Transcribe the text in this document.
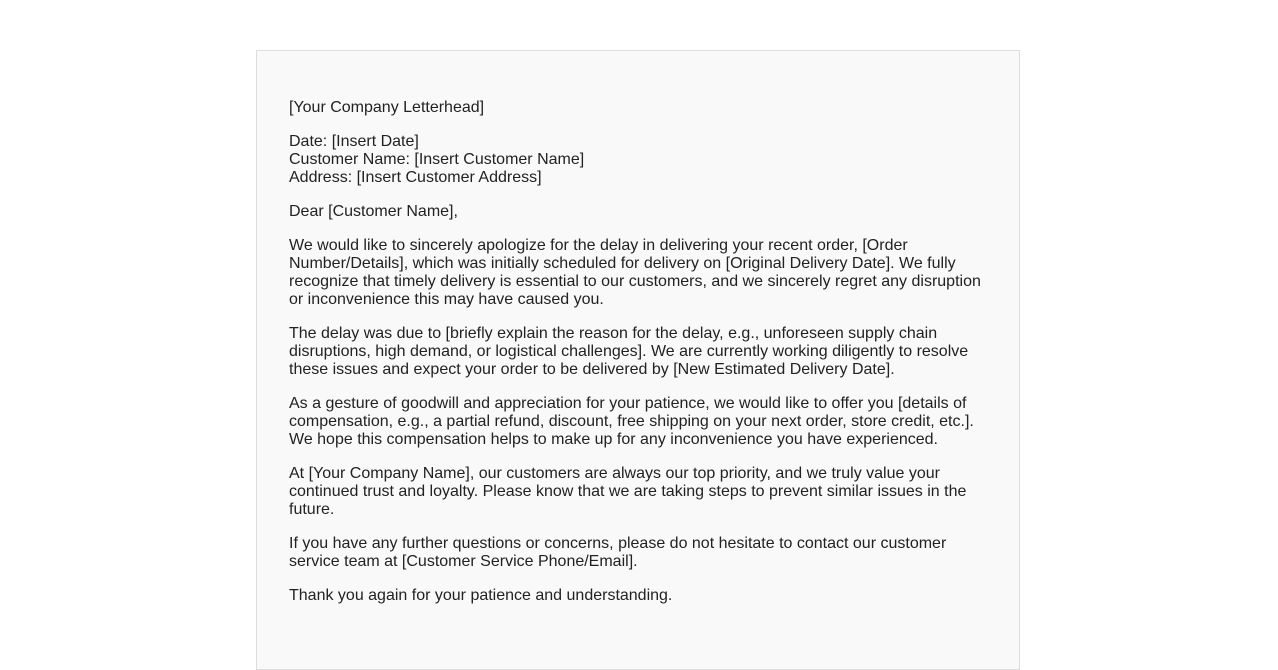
[Your Company Letterhead]

Date: [Insert Date]
Customer Name: [Insert Customer Name]
Address: [Insert Customer Address]

Dear [Customer Name],

We would like to sincerely apologize for the delay in delivering your recent order, [Order Number/Details], which was initially scheduled for delivery on [Original Delivery Date]. We fully recognize that timely delivery is essential to our customers, and we sincerely regret any disruption or inconvenience this may have caused you.

The delay was due to [briefly explain the reason for the delay, e.g., unforeseen supply chain disruptions, high demand, or logistical challenges]. We are currently working diligently to resolve these issues and expect your order to be delivered by [New Estimated Delivery Date].

As a gesture of goodwill and appreciation for your patience, we would like to offer you [details of compensation, e.g., a partial refund, discount, free shipping on your next order, store credit, etc.]. We hope this compensation helps to make up for any inconvenience you have experienced.

At [Your Company Name], our customers are always our top priority, and we truly value your continued trust and loyalty. Please know that we are taking steps to prevent similar issues in the future.

If you have any further questions or concerns, please do not hesitate to contact our customer service team at [Customer Service Phone/Email].

Thank you again for your patience and understanding.
